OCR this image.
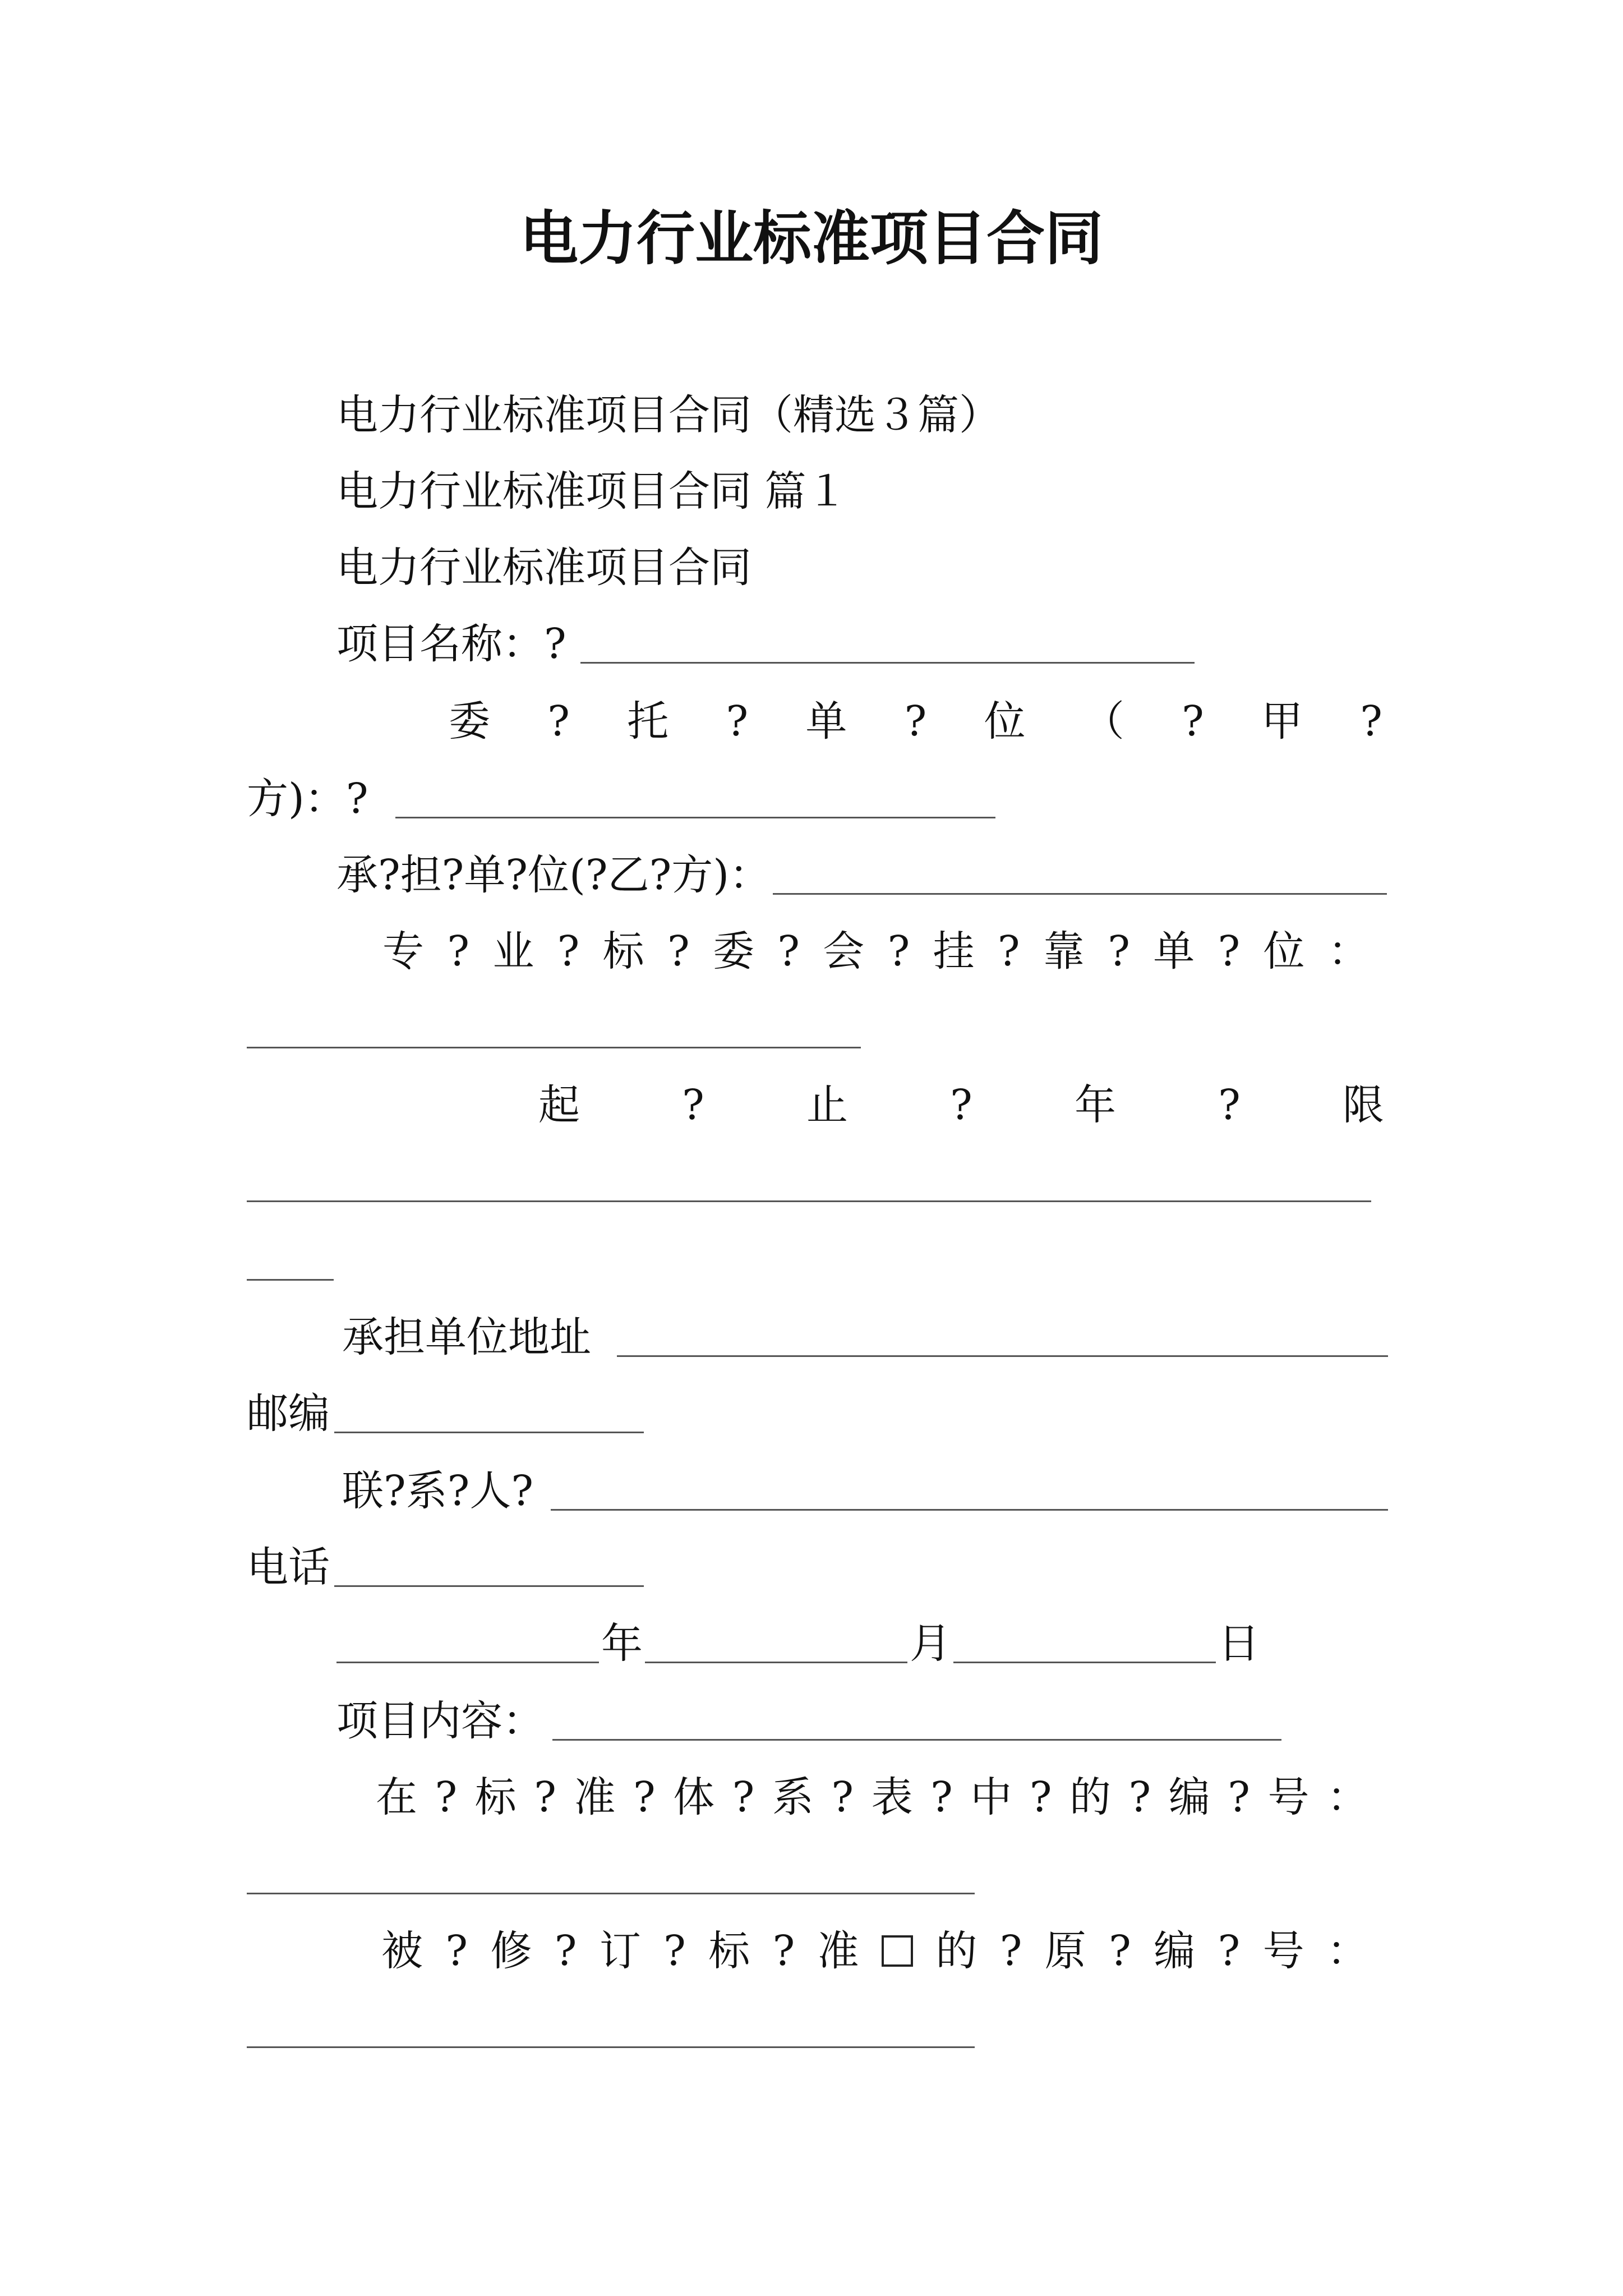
电力行业标准项目合同
电力行业标准项目合同（精选３篇）
电力行业标准项目合同 篇１
电力行业标准项目合同
项目名称：?
委 ? 托 ? 单 ? 位 （ ? 甲 ?
方)：?
承?担?单?位(?乙?方)：
专 ? 业 ? 标 ? 委 ? 会 ? 挂 ? 靠 ? 单 ? 位 ：
起 ? 止 ? 年 ? 限
承担单位地址
邮编
联?系?人?
电话
年	月	日
项目内容：
在 ? 标 ? 准 ? 体 ? 系 ? 表 ? 中 ? 的 ? 编 ? 号 ：
被 ? 修 ? 订 ? 标 ? 准 的 ? 原 ? 编 ? 号 ：
